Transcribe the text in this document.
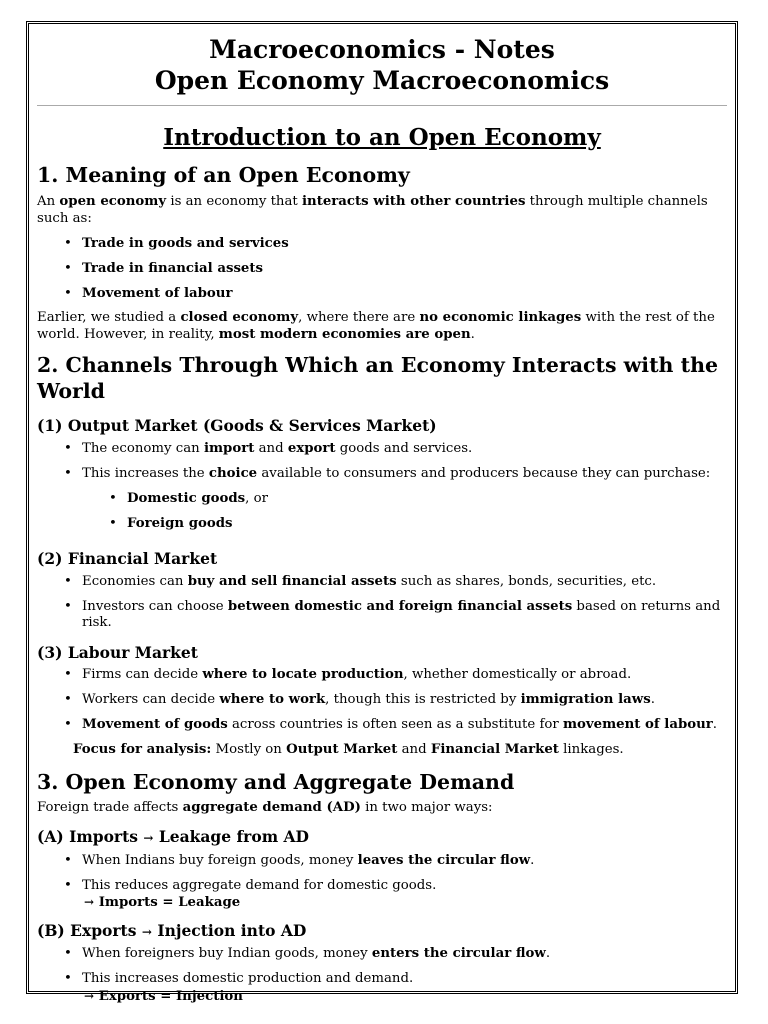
Macroeconomics - Notes
Open Economy Macroeconomics
Introduction to an Open Economy
1. Meaning of an Open Economy

An open economy is an economy that interacts with other countries through multiple channels such as:

• Trade in goods and services
• Trade in financial assets
• Movement of labour

Earlier, we studied a closed economy, where there are no economic linkages with the rest of the world. However, in reality, most modern economies are open.

2. Channels Through Which an Economy Interacts with the World
(1) Output Market (Goods & Services Market)
• The economy can import and export goods and services.
• This increases the choice available to consumers and producers because they can purchase:
• Domestic goods, or
• Foreign goods
(2) Financial Market
• Economies can buy and sell financial assets such as shares, bonds, securities, etc.
• Investors can choose between domestic and foreign financial assets based on returns and risk.
(3) Labour Market
• Firms can decide where to locate production, whether domestically or abroad.
• Workers can decide where to work, though this is restricted by immigration laws.
• Movement of goods across countries is often seen as a substitute for movement of labour.

Focus for analysis: Mostly on Output Market and Financial Market linkages.

3. Open Economy and Aggregate Demand

Foreign trade affects aggregate demand (AD) in two major ways:

(A) Imports → Leakage from AD
• When Indians buy foreign goods, money leaves the circular flow.
• This reduces aggregate demand for domestic goods.
→ Imports = Leakage
(B) Exports → Injection into AD
• When foreigners buy Indian goods, money enters the circular flow.
• This increases domestic production and demand.
→ Exports = Injection
